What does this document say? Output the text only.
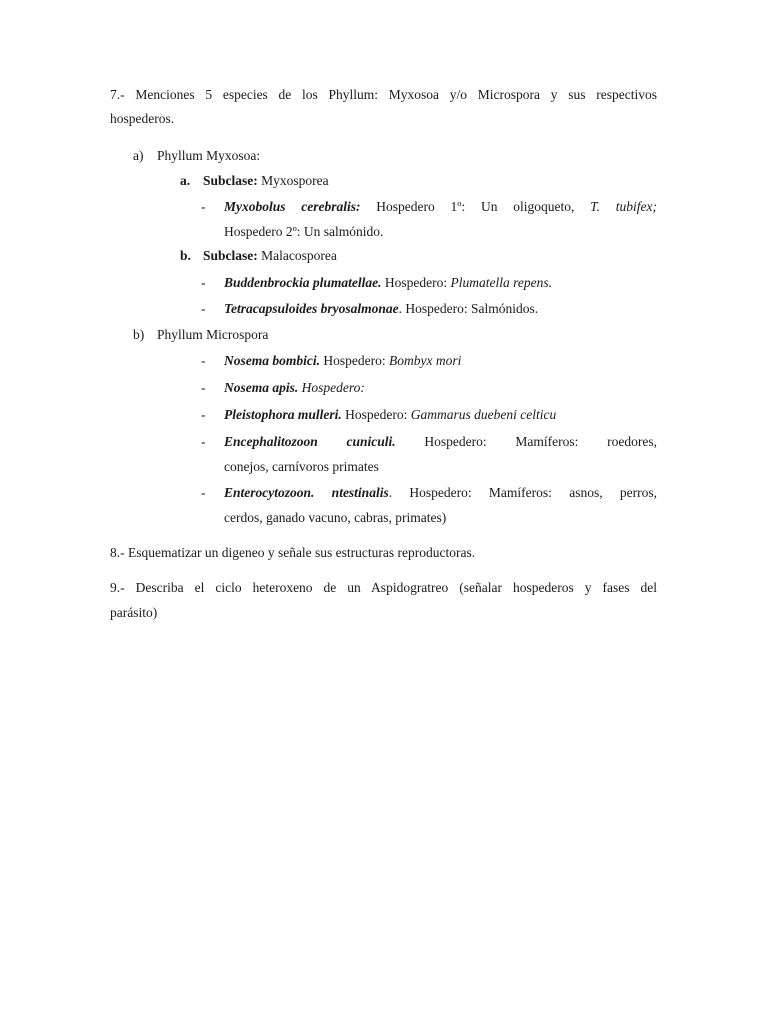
7.- Menciones 5 especies de los Phyllum: Myxosoa y/o Microspora y sus respectivos
hospederos.
a) Phyllum Myxosoa:
a. Subclase: Myxosporea
- Myxobolus cerebralis: Hospedero 1º: Un oligoqueto, T. tubifex;
Hospedero 2º: Un salmónido.
b. Subclase: Malacosporea
- Buddenbrockia plumatellae. Hospedero: Plumatella repens.
- Tetracapsuloides bryosalmonae. Hospedero: Salmónidos.
b) Phyllum Microspora
- Nosema bombici. Hospedero: Bombyx mori
- Nosema apis. Hospedero:
- Pleistophora mulleri. Hospedero: Gammarus duebeni celticu
- Encephalitozoon cuniculi. Hospedero: Mamíferos: roedores,
conejos, carnívoros primates
- Enterocytozoon. ntestinalis. Hospedero: Mamíferos: asnos, perros,
cerdos, ganado vacuno, cabras, primates)
8.- Esquematizar un digeneo y señale sus estructuras reproductoras.
9.- Describa el ciclo heteroxeno de un Aspidogratreo (señalar hospederos y fases del
parásito)
